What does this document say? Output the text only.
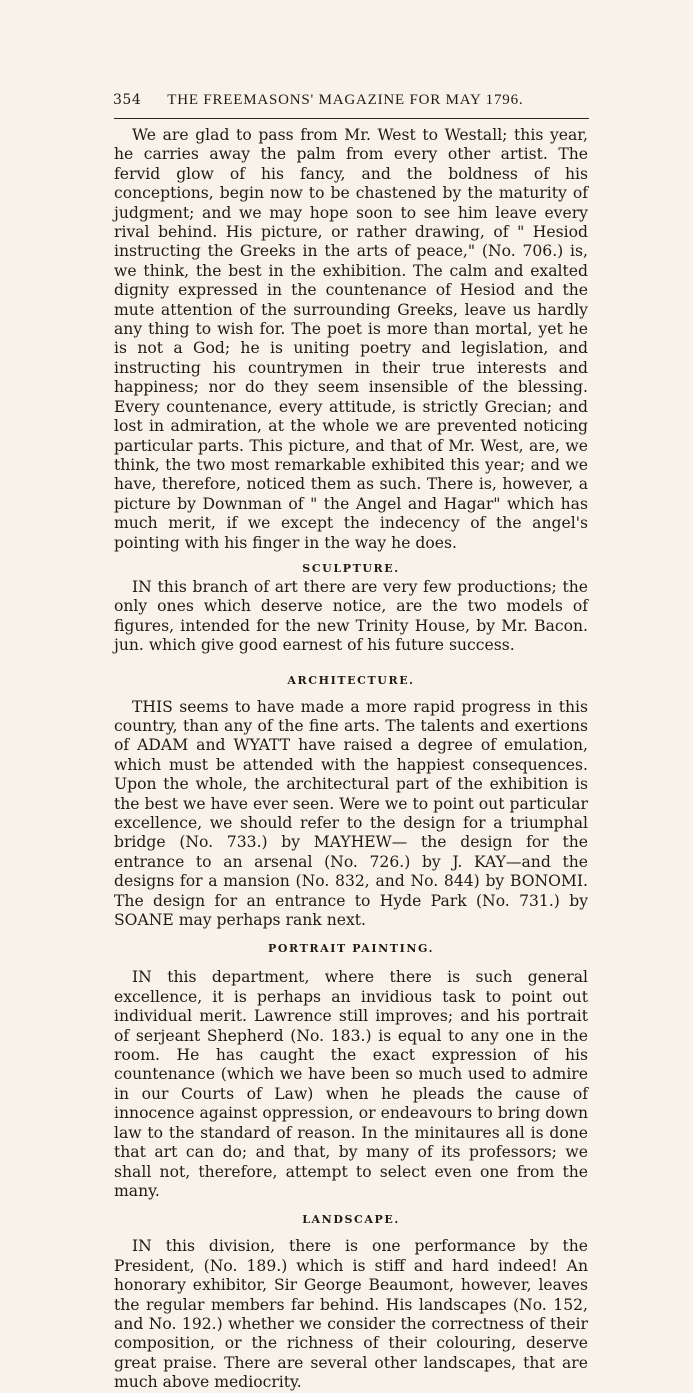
354 THE FREEMASONS' MAGAZINE FOR MAY 1796.

We are glad to pass from Mr. West to Westall; this year, he carries away the palm from every other artist. The fervid glow of his fancy, and the boldness of his conceptions, begin now to be chastened by the maturity of judgment; and we may hope soon to see him leave every rival behind. His picture, or rather drawing, of " Hesiod instructing the Greeks in the arts of peace," (No. 706.) is, we think, the best in the exhibition. The calm and exalted dignity expressed in the countenance of Hesiod and the mute attention of the surrounding Greeks, leave us hardly any thing to wish for. The poet is more than mortal, yet he is not a God; he is uniting poetry and legislation, and instructing his countrymen in their true interests and happiness; nor do they seem insensible of the blessing. Every countenance, every attitude, is strictly Grecian; and lost in admiration, at the whole we are prevented noticing particular parts. This picture, and that of Mr. West, are, we think, the two most remarkable exhibited this year; and we have, therefore, noticed them as such. There is, however, a picture by Downman of " the Angel and Hagar" which has much merit, if we except the indecency of the angel's pointing with his finger in the way he does.

SCULPTURE.

IN this branch of art there are very few productions; the only ones which deserve notice, are the two models of figures, intended for the new Trinity House, by Mr. Bacon. jun. which give good earnest of his future success.

ARCHITECTURE.

THIS seems to have made a more rapid progress in this country, than any of the fine arts. The talents and exertions of ADAM and WYATT have raised a degree of emulation, which must be attended with the happiest consequences. Upon the whole, the architectural part of the exhibition is the best we have ever seen. Were we to point out particular excellence, we should refer to the design for a triumphal bridge (No. 733.) by MAYHEW— the design for the entrance to an arsenal (No. 726.) by J. KAY—and the designs for a mansion (No. 832, and No. 844) by BONOMI. The design for an entrance to Hyde Park (No. 731.) by SOANE may perhaps rank next.

PORTRAIT PAINTING.

IN this department, where there is such general excellence, it is perhaps an invidious task to point out individual merit. Lawrence still improves; and his portrait of serjeant Shepherd (No. 183.) is equal to any one in the room. He has caught the exact expression of his countenance (which we have been so much used to admire in our Courts of Law) when he pleads the cause of innocence against oppression, or endeavours to bring down law to the standard of reason. In the minitaures all is done that art can do; and that, by many of its professors; we shall not, therefore, attempt to select even one from the many.

LANDSCAPE.

IN this division, there is one performance by the President, (No. 189.) which is stiff and hard indeed! An honorary exhibitor, Sir George Beaumont, however, leaves the regular members far behind. His landscapes (No. 152, and No. 192.) whether we consider the correctness of their composition, or the richness of their colouring, deserve great praise. There are several other landscapes, that are much above mediocrity.
